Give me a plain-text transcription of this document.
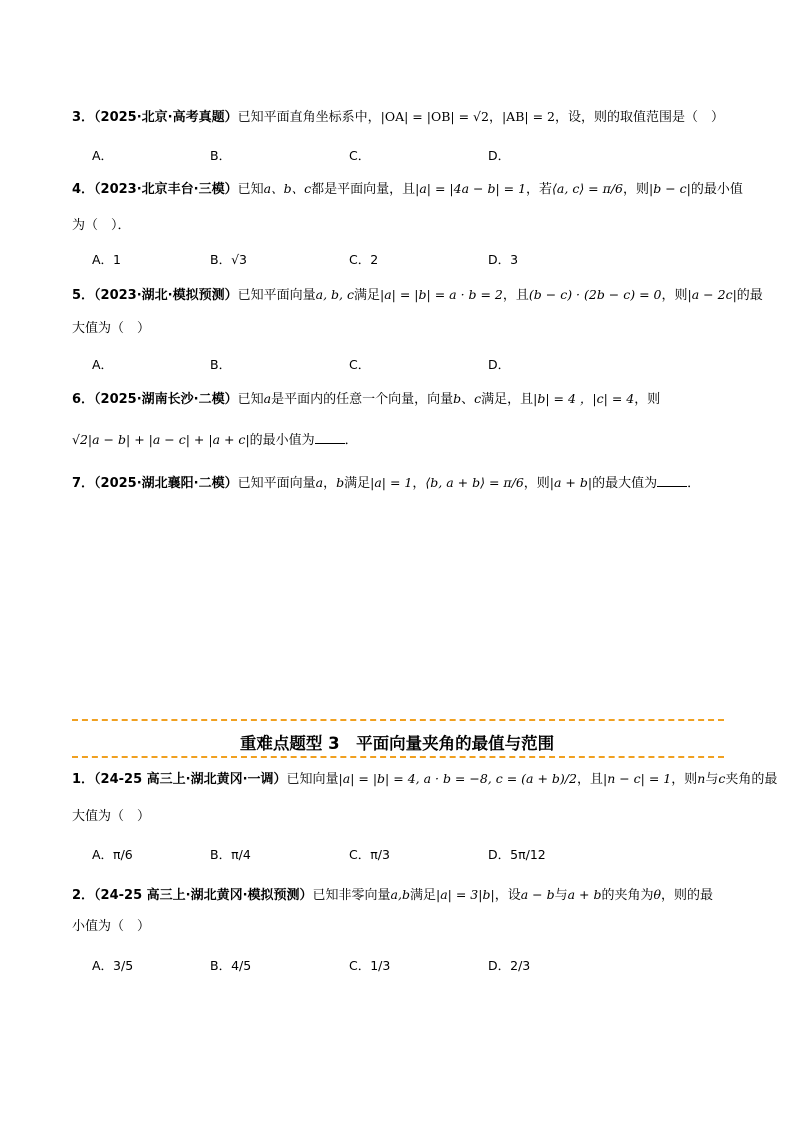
3．（2025·北京·高考真题）已知平面直角坐标系中，|OA| = |OB| = √2，|AB| = 2，设，则的取值范围是（　）
A．	B．	C．	D．
4．（2023·北京丰台·三模）已知a、b、c都是平面向量，且|a| = |4a − b| = 1，若⟨a, c⟩ = π/6，则|b − c|的最小值
为（　）．
A．1	B．√3	C．2	D．3
5．（2023·湖北·模拟预测）已知平面向量a, b, c满足|a| = |b| = a · b = 2，且(b − c) · (2b − c) = 0，则|a − 2c|的最
大值为（　）
A．	B．	C．	D．
6．（2025·湖南长沙·二模）已知a是平面内的任意一个向量，向量b、c满足，且|b| = 4 ，|c| = 4，则
√2|a − b| + |a − c| + |a + c|的最小值为 ．
7．（2025·湖北襄阳·二模）已知平面向量a，b满足|a| = 1，⟨b, a + b⟩ = π/6，则|a + b|的最大值为 ．
重难点题型 3　平面向量夹角的最值与范围
1．（24-25 高三上·湖北黄冈·一调）已知向量|a| = |b| = 4, a · b = −8, c = (a + b)/2，且|n − c| = 1，则n与c夹角的最
大值为（　）
A．π/6	B．π/4	C．π/3	D．5π/12
2．（24-25 高三上·湖北黄冈·模拟预测）已知非零向量a,b满足|a| = 3|b|，设a − b与a + b的夹角为θ，则的最
小值为（　）
A．3/5	B．4/5	C．1/3	D．2/3
